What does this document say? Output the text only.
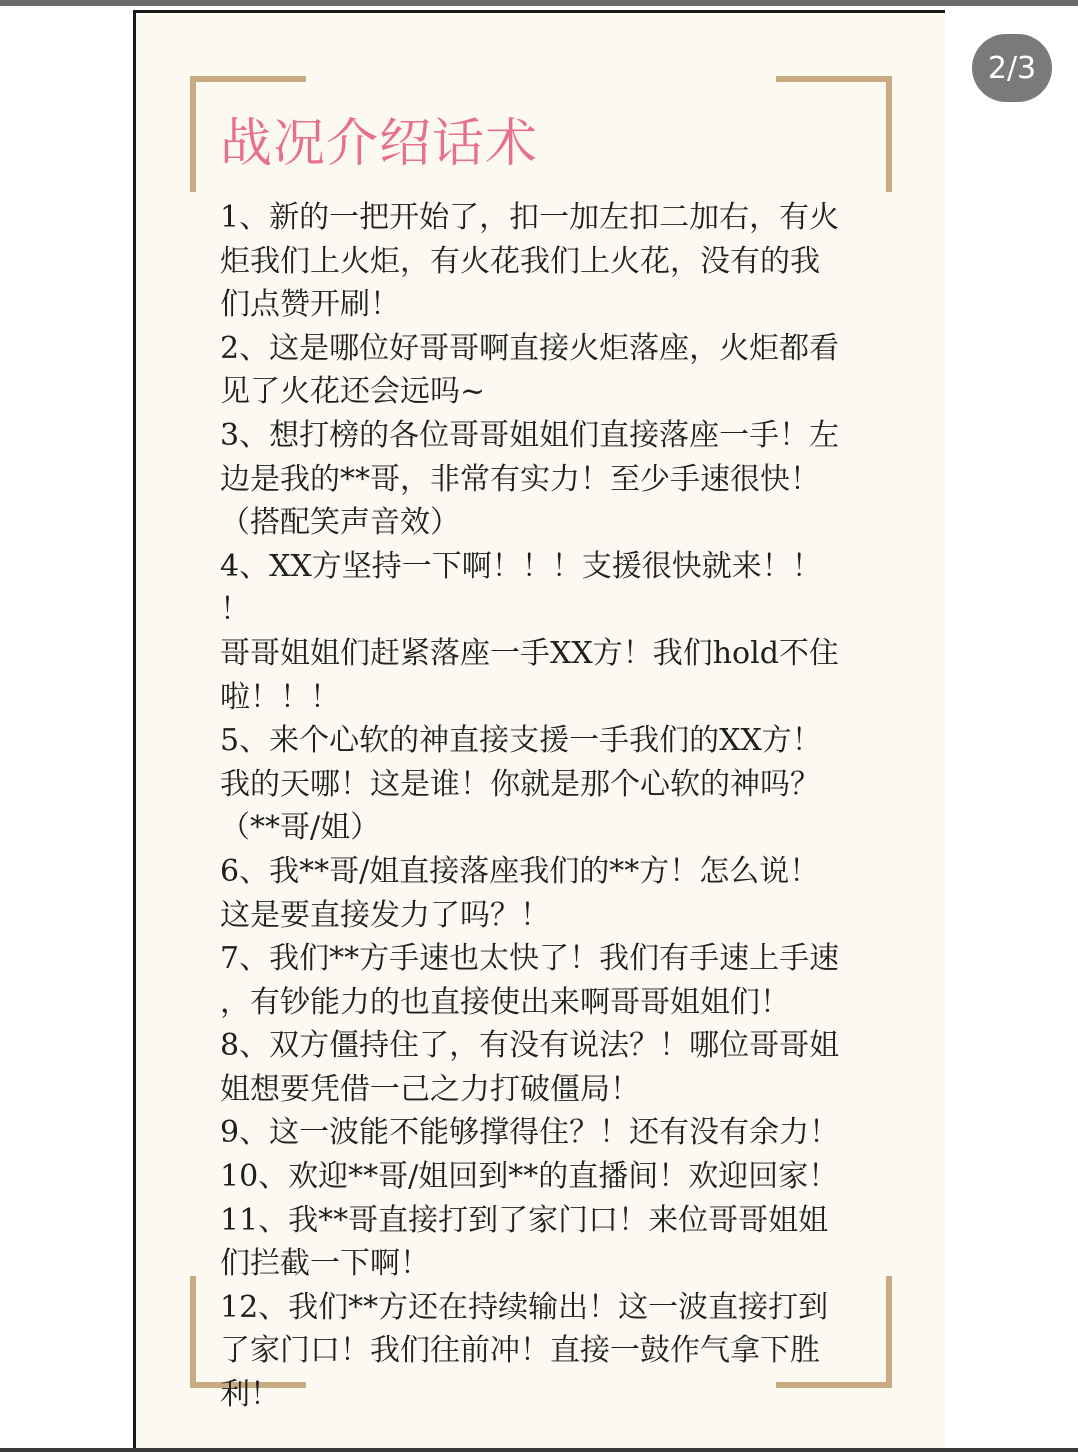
战况介绍话术
1、新的一把开始了，扣一加左扣二加右，有火
炬我们上火炬，有火花我们上火花，没有的我
们点赞开刷！
2、这是哪位好哥哥啊直接火炬落座，火炬都看
见了火花还会远吗~
3、想打榜的各位哥哥姐姐们直接落座一手！左
边是我的**哥，非常有实力！至少手速很快！
（搭配笑声音效）
4、XX方坚持一下啊！！！支援很快就来！！
！
哥哥姐姐们赶紧落座一手XX方！我们hold不住
啦！！！
5、来个心软的神直接支援一手我们的XX方！
我的天哪！这是谁！你就是那个心软的神吗？
（**哥/姐）
6、我**哥/姐直接落座我们的**方！怎么说！
这是要直接发力了吗？！
7、我们**方手速也太快了！我们有手速上手速
，有钞能力的也直接使出来啊哥哥姐姐们！
8、双方僵持住了，有没有说法？！哪位哥哥姐
姐想要凭借一己之力打破僵局！
9、这一波能不能够撑得住？！还有没有余力！
10、欢迎**哥/姐回到**的直播间！欢迎回家！
11、我**哥直接打到了家门口！来位哥哥姐姐
们拦截一下啊！
12、我们**方还在持续输出！这一波直接打到
了家门口！我们往前冲！直接一鼓作气拿下胜
利！
2/3
